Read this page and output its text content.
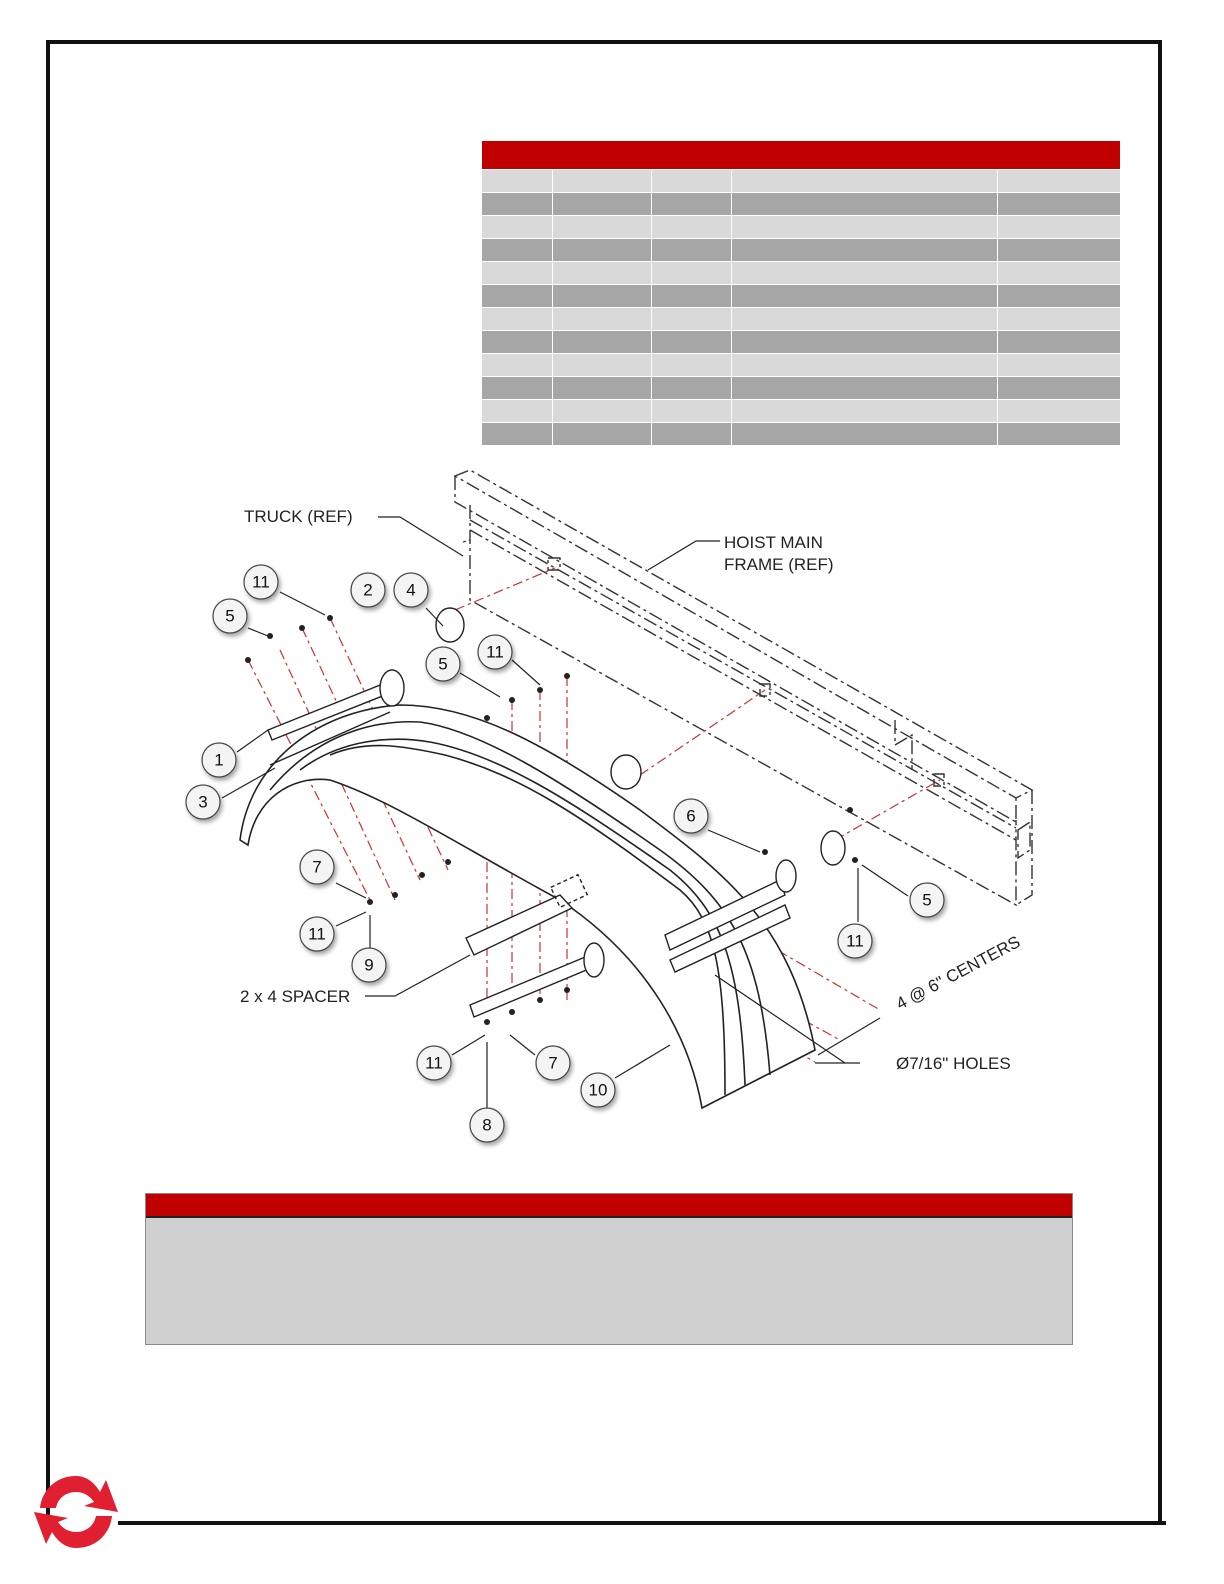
TRUCK (REF)
HOIST MAIN
FRAME (REF)
2 x 4 SPACER
Ø7/16" HOLES
4 @ 6" CENTERS
11
5
2 4
5
11
1
3
6
7
11
9
5
11
7
11
10
8
